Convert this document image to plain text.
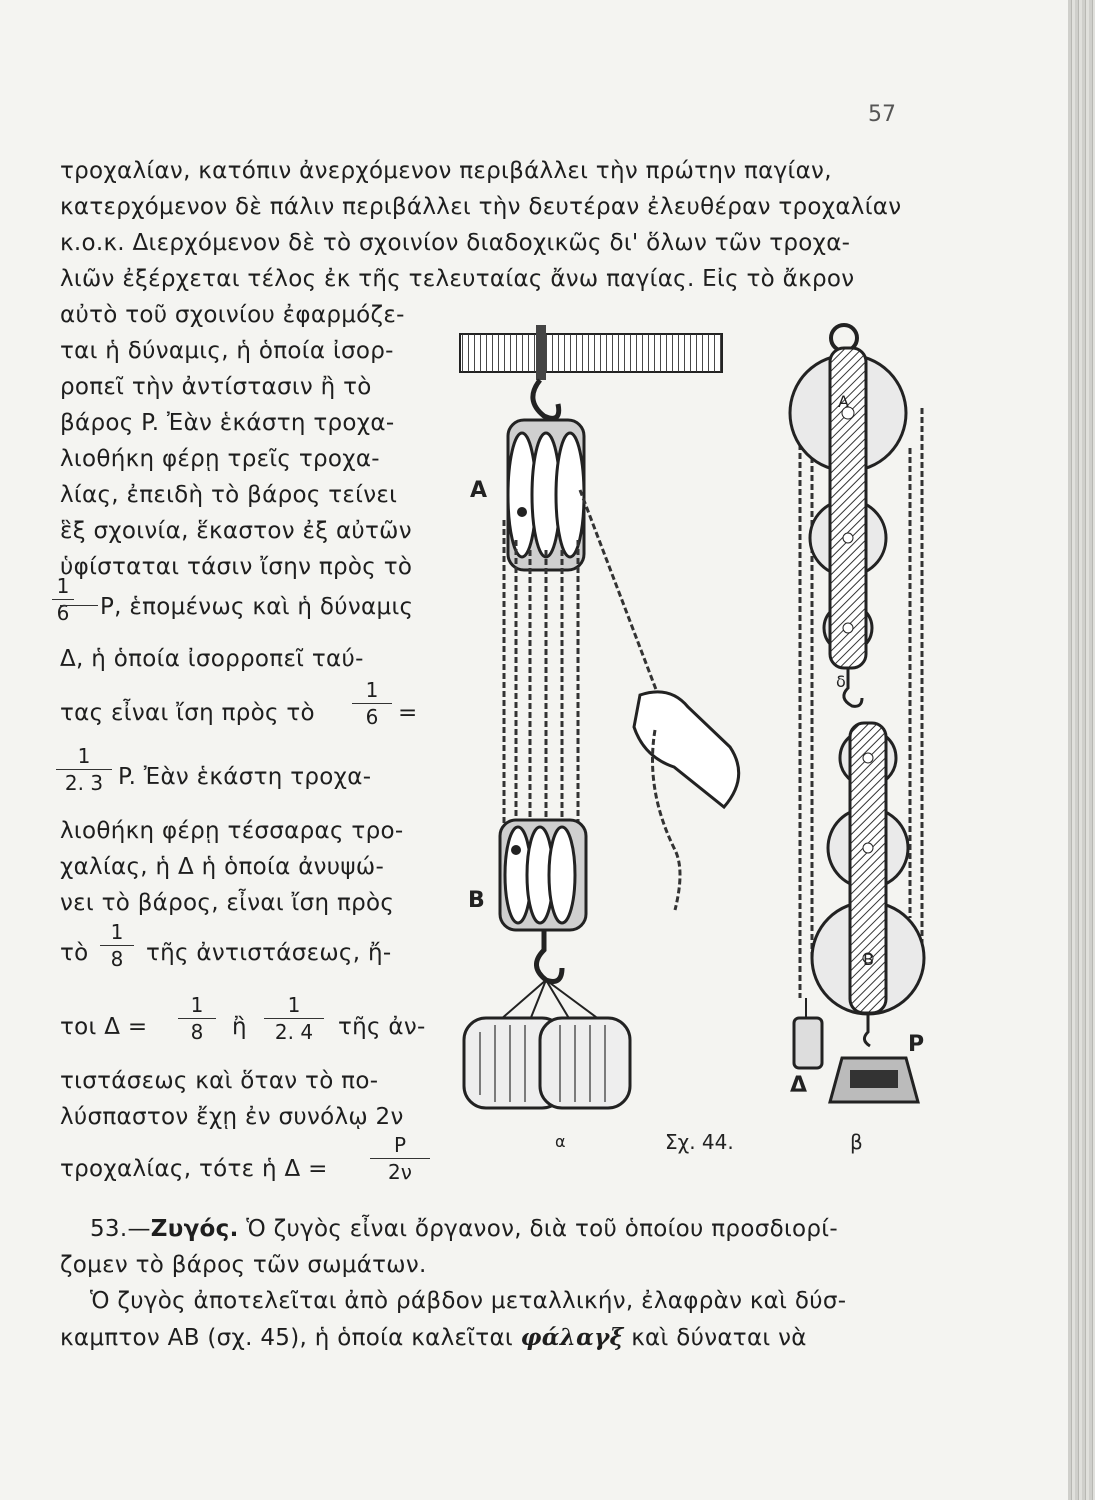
57
τροχαλίαν, κατόπιν ἀνερχόμενον περιβάλλει τὴν πρώτην παγίαν,
κατερχόμενον δὲ πάλιν περιβάλλει τὴν δευτέραν ἐλευθέραν τροχαλίαν
κ.ο.κ. Διερχόμενον δὲ τὸ σχοινίον διαδοχικῶς δι' ὅλων τῶν τροχα-
λιῶν ἐξέρχεται τέλος ἐκ τῆς τελευταίας ἄνω παγίας. Εἰς τὸ ἄκρον
αὐτὸ τοῦ σχοινίου ἐφαρμόζε-
ται ἡ δύναμις, ἡ ὁποία ἰσορ-
ροπεῖ τὴν ἀντίστασιν ἢ τὸ
βάρος P. Ἐὰν ἑκάστη τροχα-
λιοθήκη φέρῃ τρεῖς τροχα-
λίας, ἐπειδὴ τὸ βάρος τείνει
ἓξ σχοινία, ἕκαστον ἐξ αὐτῶν
ὑφίσταται τάσιν ἴσην πρὸς τὸ
1
6 P, ἑπομένως καὶ ἡ δύναμις
Δ, ἡ ὁποία ἰσορροπεῖ ταύ-
τας εἶναι ἴση πρὸς τὸ
1
6 =
1
2. 3 P. Ἐὰν ἑκάστη τροχα-
λιοθήκη φέρῃ τέσσαρας τρο-
χαλίας, ἡ Δ ἡ ὁποία ἀνυψώ-
νει τὸ βάρος, εἶναι ἴση πρὸς
τὸ
1
8 τῆς ἀντιστάσεως, ἤ-
τοι Δ =
1
8	ἢ
1
2. 4	τῆς ἀν-
τιστάσεως καὶ ὅταν τὸ πο-
λύσπαστον ἔχῃ ἐν συνόλῳ 2ν
τροχαλίας, τότε ἡ Δ =
P
2ν
53.—Ζυγός. Ὁ ζυγὸς εἶναι ὄργανον, διὰ τοῦ ὁποίου προσδιορί-
ζομεν τὸ βάρος τῶν σωμάτων.
Ὁ ζυγὸς ἀποτελεῖται ἀπὸ ράβδον μεταλλικήν, ἐλαφρὰν καὶ δύσ-
καμπτον ΑΒ (σχ. 45), ἡ ὁποία καλεῖται φάλαγξ καὶ δύναται νὰ
A
B
A
B
δ
P
Δ
α	Σχ. 44.	β
